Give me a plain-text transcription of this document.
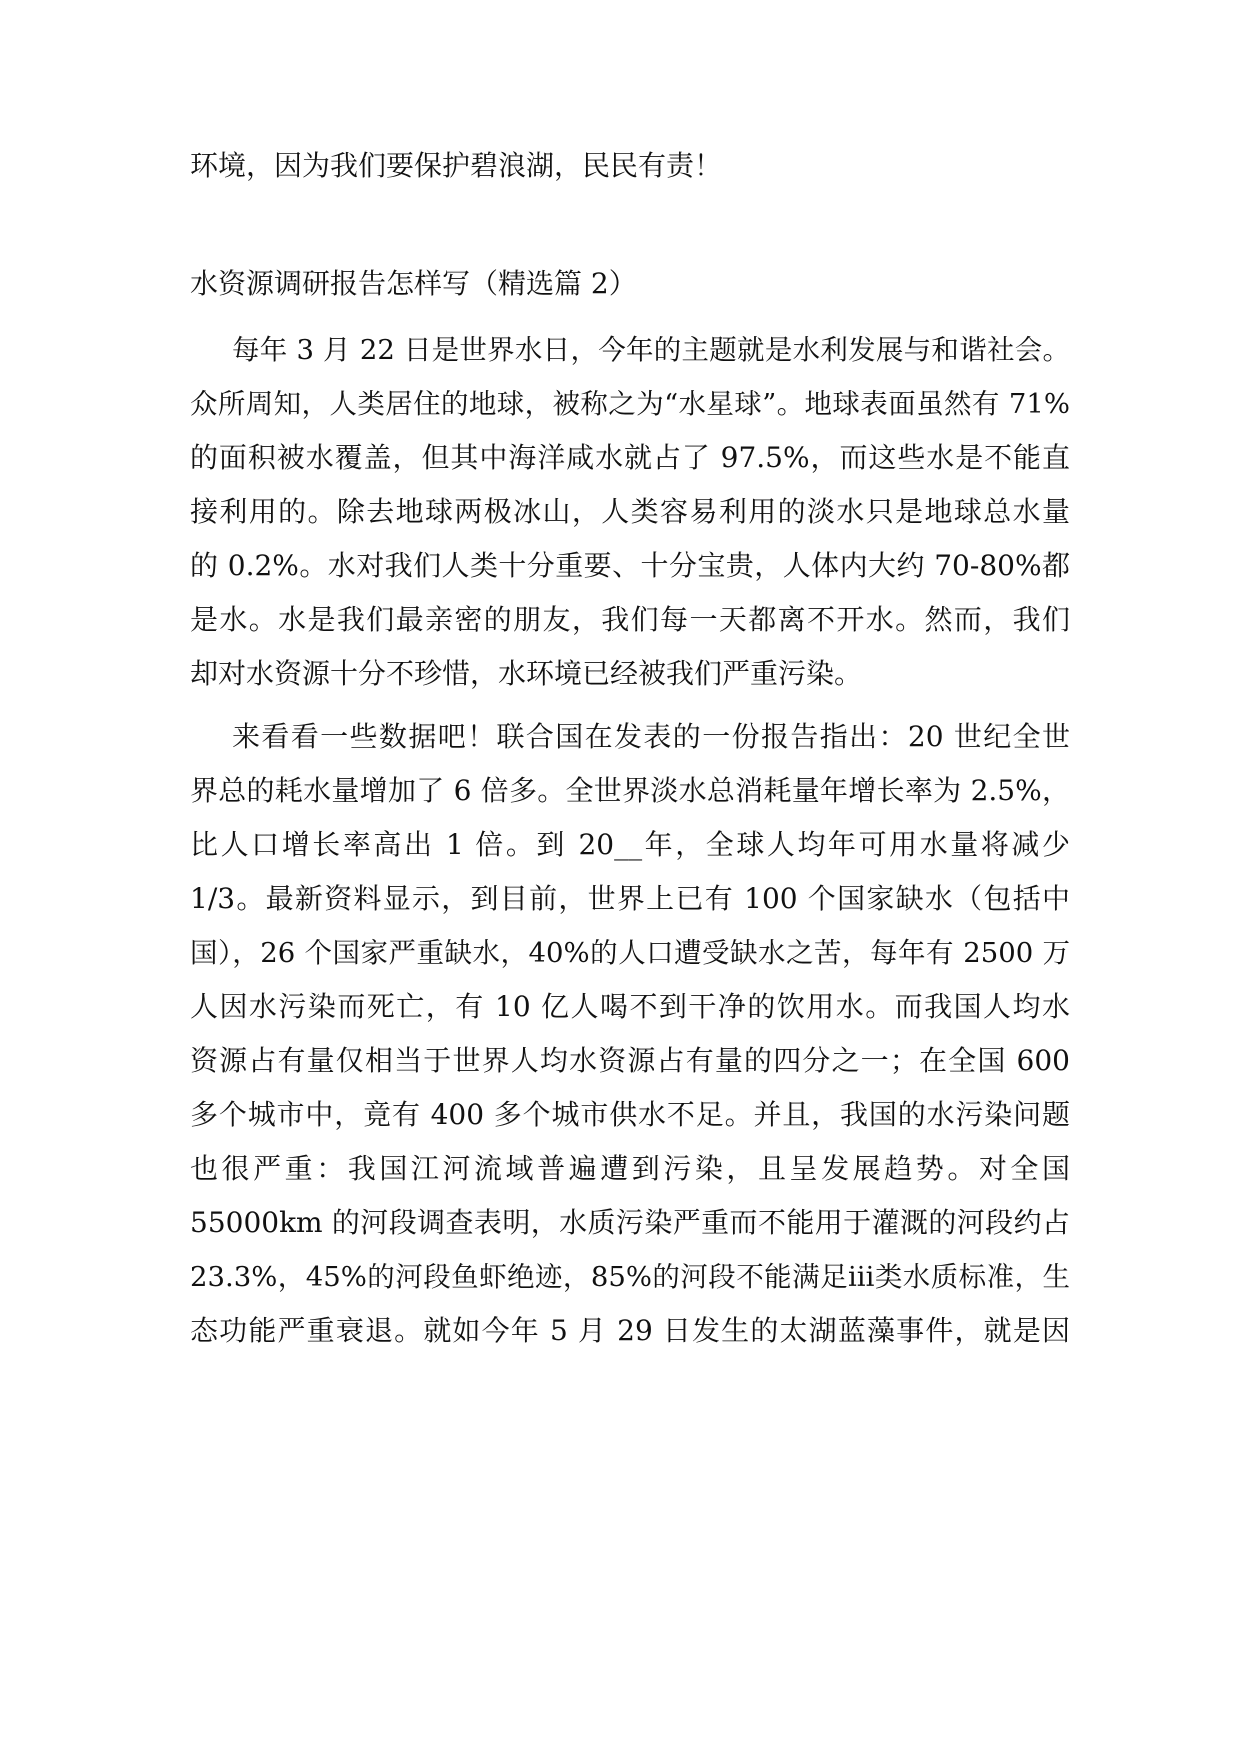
环境，因为我们要保护碧浪湖，民民有责！
水资源调研报告怎样写（精选篇 2）
每年 3 月 22 日是世界水日，今年的主题就是水利发展与和谐社会。
众所周知，人类居住的地球，被称之为“水星球”。地球表面虽然有 71%
的面积被水覆盖，但其中海洋咸水就占了 97.5%，而这些水是不能直
接利用的。除去地球两极冰山，人类容易利用的淡水只是地球总水量
的 0.2%。水对我们人类十分重要、十分宝贵，人体内大约 70-80%都
是水。水是我们最亲密的朋友，我们每一天都离不开水。然而，我们
却对水资源十分不珍惜，水环境已经被我们严重污染。
来看看一些数据吧！联合国在发表的一份报告指出：20 世纪全世
界总的耗水量增加了 6 倍多。全世界淡水总消耗量年增长率为 2.5%，
比人口增长率高出 1 倍。到 20__年，全球人均年可用水量将减少
1/3。最新资料显示，到目前，世界上已有 100 个国家缺水（包括中
国），26 个国家严重缺水，40%的人口遭受缺水之苦，每年有 2500 万
人因水污染而死亡，有 10 亿人喝不到干净的饮用水。而我国人均水
资源占有量仅相当于世界人均水资源占有量的四分之一；在全国 600
多个城市中，竟有 400 多个城市供水不足。并且，我国的水污染问题
也很严重：我国江河流域普遍遭到污染，且呈发展趋势。对全国
55000km 的河段调查表明，水质污染严重而不能用于灌溉的河段约占
23.3%，45%的河段鱼虾绝迹，85%的河段不能满足iii类水质标准，生
态功能严重衰退。就如今年 5 月 29 日发生的太湖蓝藻事件，就是因
